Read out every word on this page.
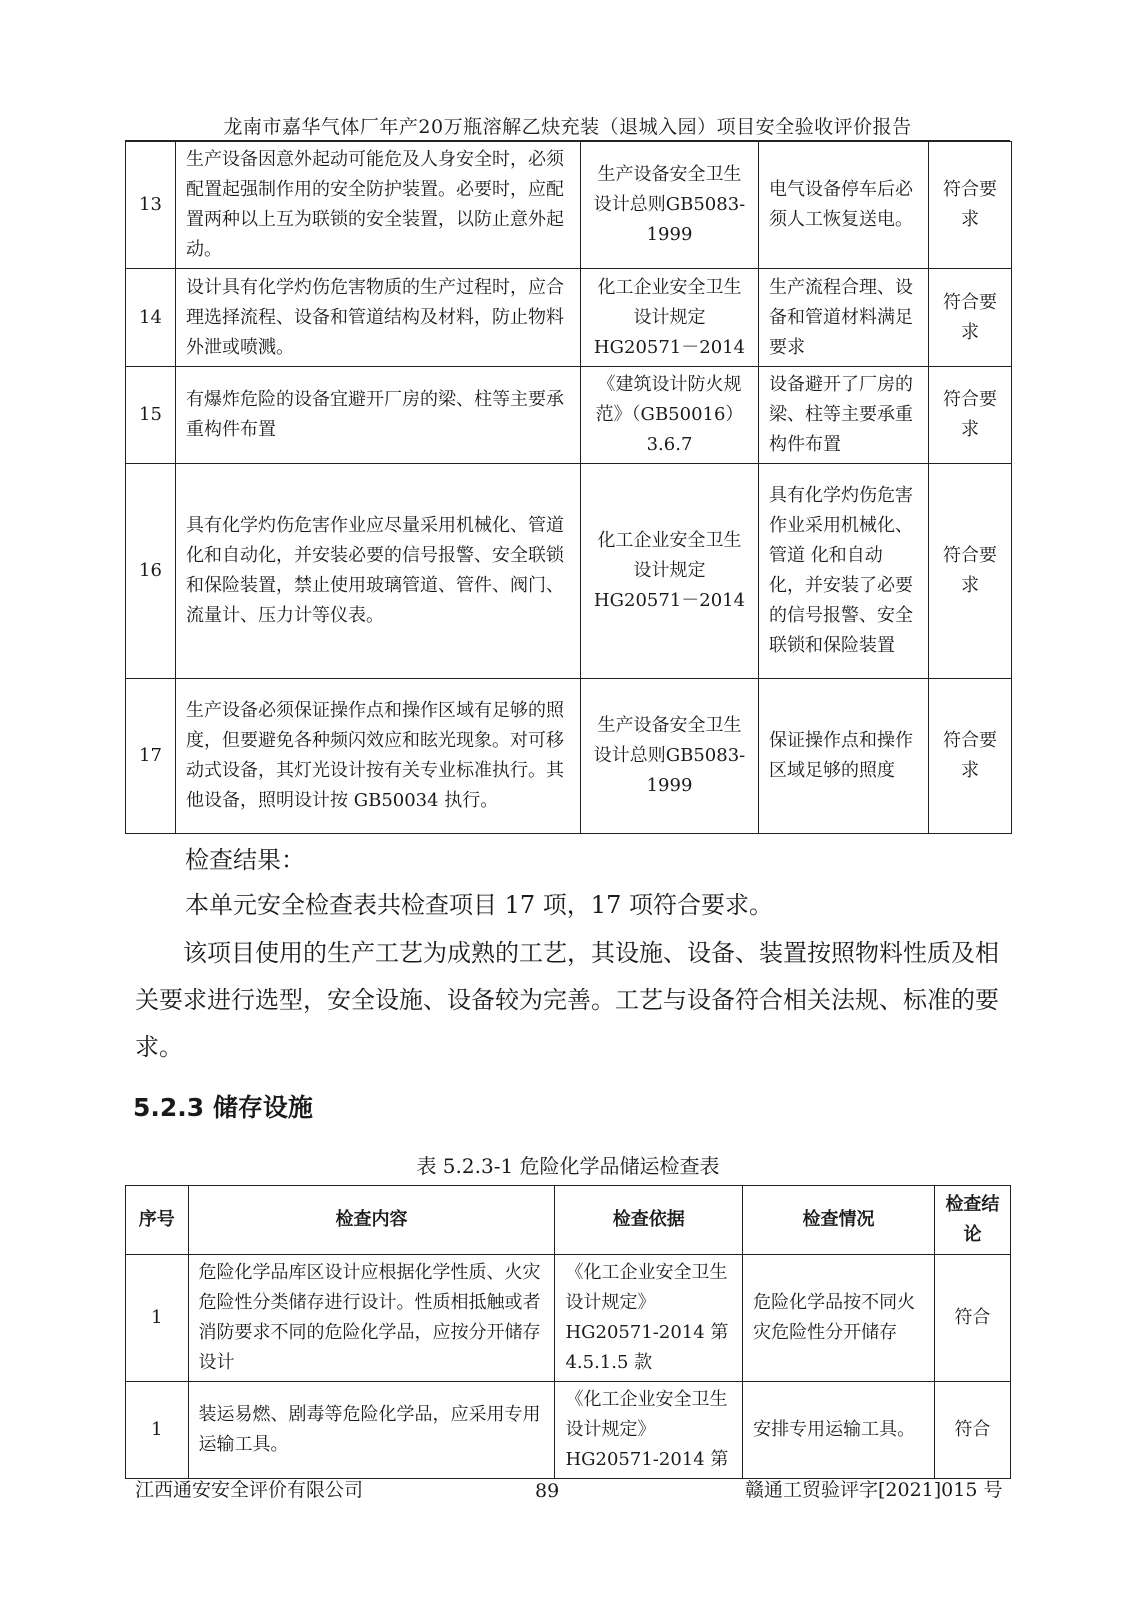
龙南市嘉华气体厂年产20万瓶溶解乙炔充装（退城入园）项目安全验收评价报告
13	生产设备因意外起动可能危及人身安全时，必须配置起强制作用的安全防护装置。必要时，应配置两种以上互为联锁的安全装置，以防止意外起动。	生产设备安全卫生设计总则GB5083-1999	电气设备停车后必须人工恢复送电。	符合要求
14	设计具有化学灼伤危害物质的生产过程时，应合 理选择流程、设备和管道结构及材料，防止物料外泄或喷溅。	化工企业安全卫生设计规定HG20571－2014	生产流程合理、设备和管道材料满足要求	符合要求
15	有爆炸危险的设备宜避开厂房的梁、柱等主要承 重构件布置	《建筑设计防火规范》（GB50016）3.6.7	设备避开了厂房的梁、柱等主要承重构件布置	符合要求
16	具有化学灼伤危害作业应尽量采用机械化、管道 化和自动化，并安装必要的信号报警、安全联锁 和保险装置，禁止使用玻璃管道、管件、阀门、 流量计、压力计等仪表。	化工企业安全卫生设计规定HG20571－2014	具有化学灼伤危害作业采用机械化、管道 化和自动化，并安装了必要的信号报警、安全联锁和保险装置	符合要求
17	生产设备必须保证操作点和操作区域有足够的照 度，但要避免各种频闪效应和眩光现象。对可移 动式设备，其灯光设计按有关专业标准执行。其 他设备，照明设计按 GB50034 执行。	生产设备安全卫生设计总则GB5083-1999	保证操作点和操作区域足够的照度	符合要求
检查结果：
本单元安全检查表共检查项目 17 项，17 项符合要求。
该项目使用的生产工艺为成熟的工艺，其设施、设备、装置按照物料性质及相关要求进行选型，安全设施、设备较为完善。工艺与设备符合相关法规、标准的要求。
5.2.3 储存设施
表 5.2.3-1 危险化学品储运检查表
序号	检查内容	检查依据	检查情况	检查结论
1	危险化学品库区设计应根据化学性质、火灾危险性分类储存进行设计。性质相抵触或者消防要求不同的危险化学品，应按分开储存设计	《化工企业安全卫生设计规定》HG20571-2014 第 4.5.1.5 款	危险化学品按不同火灾危险性分开储存	符合
1	装运易燃、剧毒等危险化学品，应采用专用运输工具。	《化工企业安全卫生设计规定》HG20571-2014 第	安排专用运输工具。	符合
江西通安安全评价有限公司	89	赣通工贸验评字[2021]015 号
